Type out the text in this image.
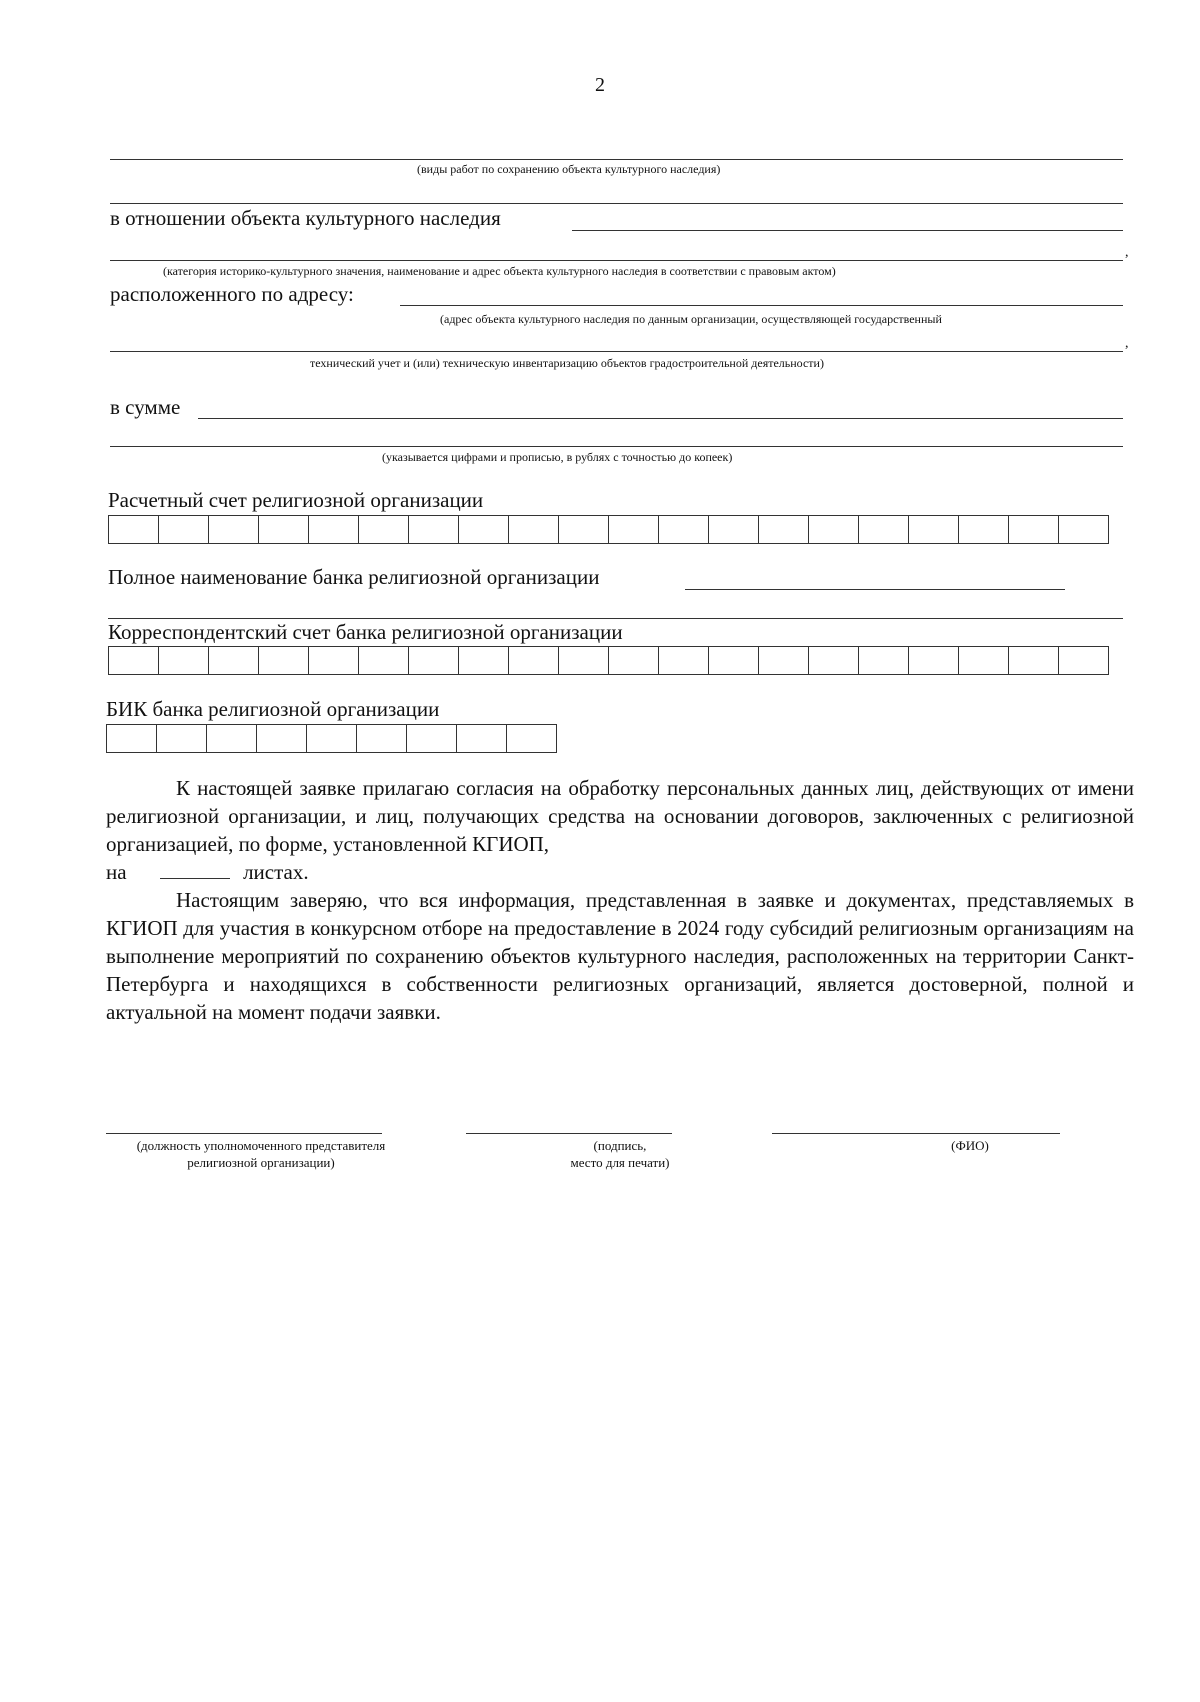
2
(виды работ по сохранению объекта культурного наследия)
в отношении объекта культурного наследия
,
(категория историко-культурного значения, наименование и адрес объекта культурного наследия в соответствии с правовым актом)
расположенного по адресу:
(адрес объекта культурного наследия по данным организации, осуществляющей государственный
,
технический учет и (или) техническую инвентаризацию объектов градостроительной деятельности)
в сумме
(указывается цифрами и прописью, в рублях с точностью до копеек)
Расчетный счет религиозной организации
Полное наименование банка религиозной организации
Корреспондентский счет банка религиозной организации
БИК банка религиозной организации

К настоящей заявке прилагаю согласия на обработку персональных данных лиц, действующих от имени религиозной организации, и лиц, получающих средства на основании договоров, заключенных с религиозной организацией, по форме, установленной КГИОП,
на	листах.

Настоящим заверяю, что вся информация, представленная в заявке и документах, представляемых в КГИОП для участия в конкурсном отборе на предоставление в 2024 году субсидий религиозным организациям на выполнение мероприятий по сохранению объектов культурного наследия, расположенных на территории Санкт-Петербурга и находящихся в собственности религиозных организаций, является достоверной, полной и актуальной на момент подачи заявки.

(должность уполномоченного представителя
религиозной организации)
(подпись,
место для печати)
(ФИО)
